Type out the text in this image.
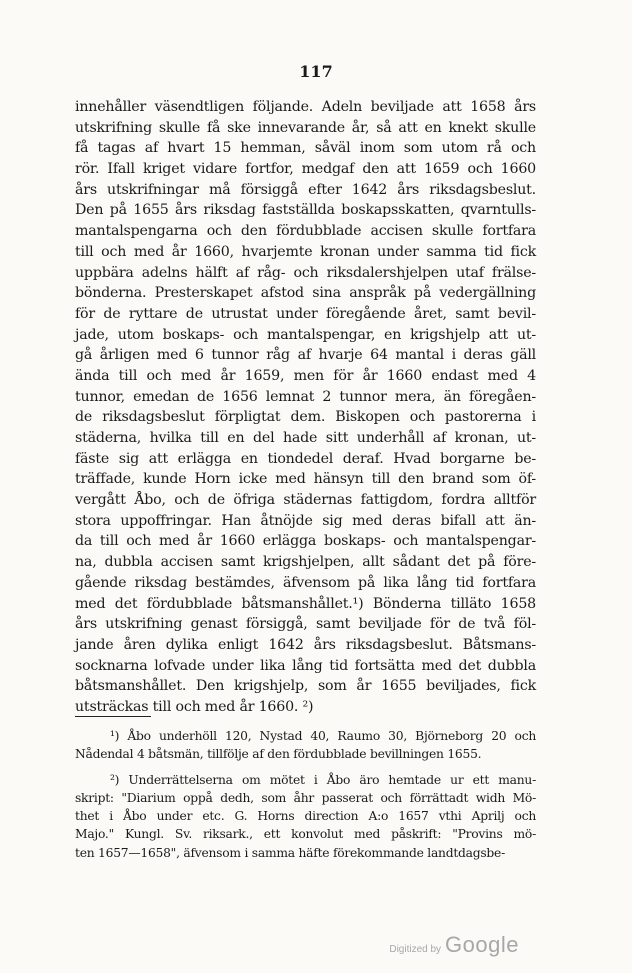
117
innehåller väsendtligen följande. Adeln beviljade att 1658 års
utskrifning skulle få ske innevarande år, så att en knekt skulle
få tagas af hvart 15 hemman, såväl inom som utom rå och
rör. Ifall kriget vidare fortfor, medgaf den att 1659 och 1660
års utskrifningar må försiggå efter 1642 års riksdagsbeslut.
Den på 1655 års riksdag fastställda boskapsskatten, qvarntulls-
mantalspengarna och den fördubblade accisen skulle fortfara
till och med år 1660, hvarjemte kronan under samma tid fick
uppbära adelns hälft af råg- och riksdalershjelpen utaf frälse-
bönderna. Presterskapet afstod sina anspråk på vedergällning
för de ryttare de utrustat under föregående året, samt bevil-
jade, utom boskaps- och mantalspengar, en krigshjelp att ut-
gå årligen med 6 tunnor råg af hvarje 64 mantal i deras gäll
ända till och med år 1659, men för år 1660 endast med 4
tunnor, emedan de 1656 lemnat 2 tunnor mera, än föregåen-
de riksdagsbeslut förpligtat dem. Biskopen och pastorerna i
städerna, hvilka till en del hade sitt underhåll af kronan, ut-
fäste sig att erlägga en tiondedel deraf. Hvad borgarne be-
träffade, kunde Horn icke med hänsyn till den brand som öf-
vergått Åbo, och de öfriga städernas fattigdom, fordra alltför
stora uppoffringar. Han åtnöjde sig med deras bifall att än-
da till och med år 1660 erlägga boskaps- och mantalspengar-
na, dubbla accisen samt krigshjelpen, allt sådant det på före-
gående riksdag bestämdes, äfvensom på lika lång tid fortfara
med det fördubblade båtsmanshållet.¹) Bönderna tilläto 1658
års utskrifning genast försiggå, samt beviljade för de två föl-
jande åren dylika enligt 1642 års riksdagsbeslut. Båtsmans-
socknarna lofvade under lika lång tid fortsätta med det dubbla
båtsmanshållet. Den krigshjelp, som år 1655 beviljades, fick
utsträckas till och med år 1660. ²)
¹) Åbo underhöll 120, Nystad 40, Raumo 30, Björneborg 20 och
Nådendal 4 båtsmän, tillfölje af den fördubblade bevillningen 1655.
²) Underrättelserna om mötet i Åbo äro hemtade ur ett manu-
skript: "Diarium oppå dedh, som åhr passerat och förrättadt widh Mö-
thet i Åbo under etc. G. Horns direction A:o 1657 vthi Aprilj och
Majo." Kungl. Sv. riksark., ett konvolut med påskrift: "Provins mö-
ten 1657—1658", äfvensom i samma häfte förekommande landtdagsbe-
Digitized by Google
